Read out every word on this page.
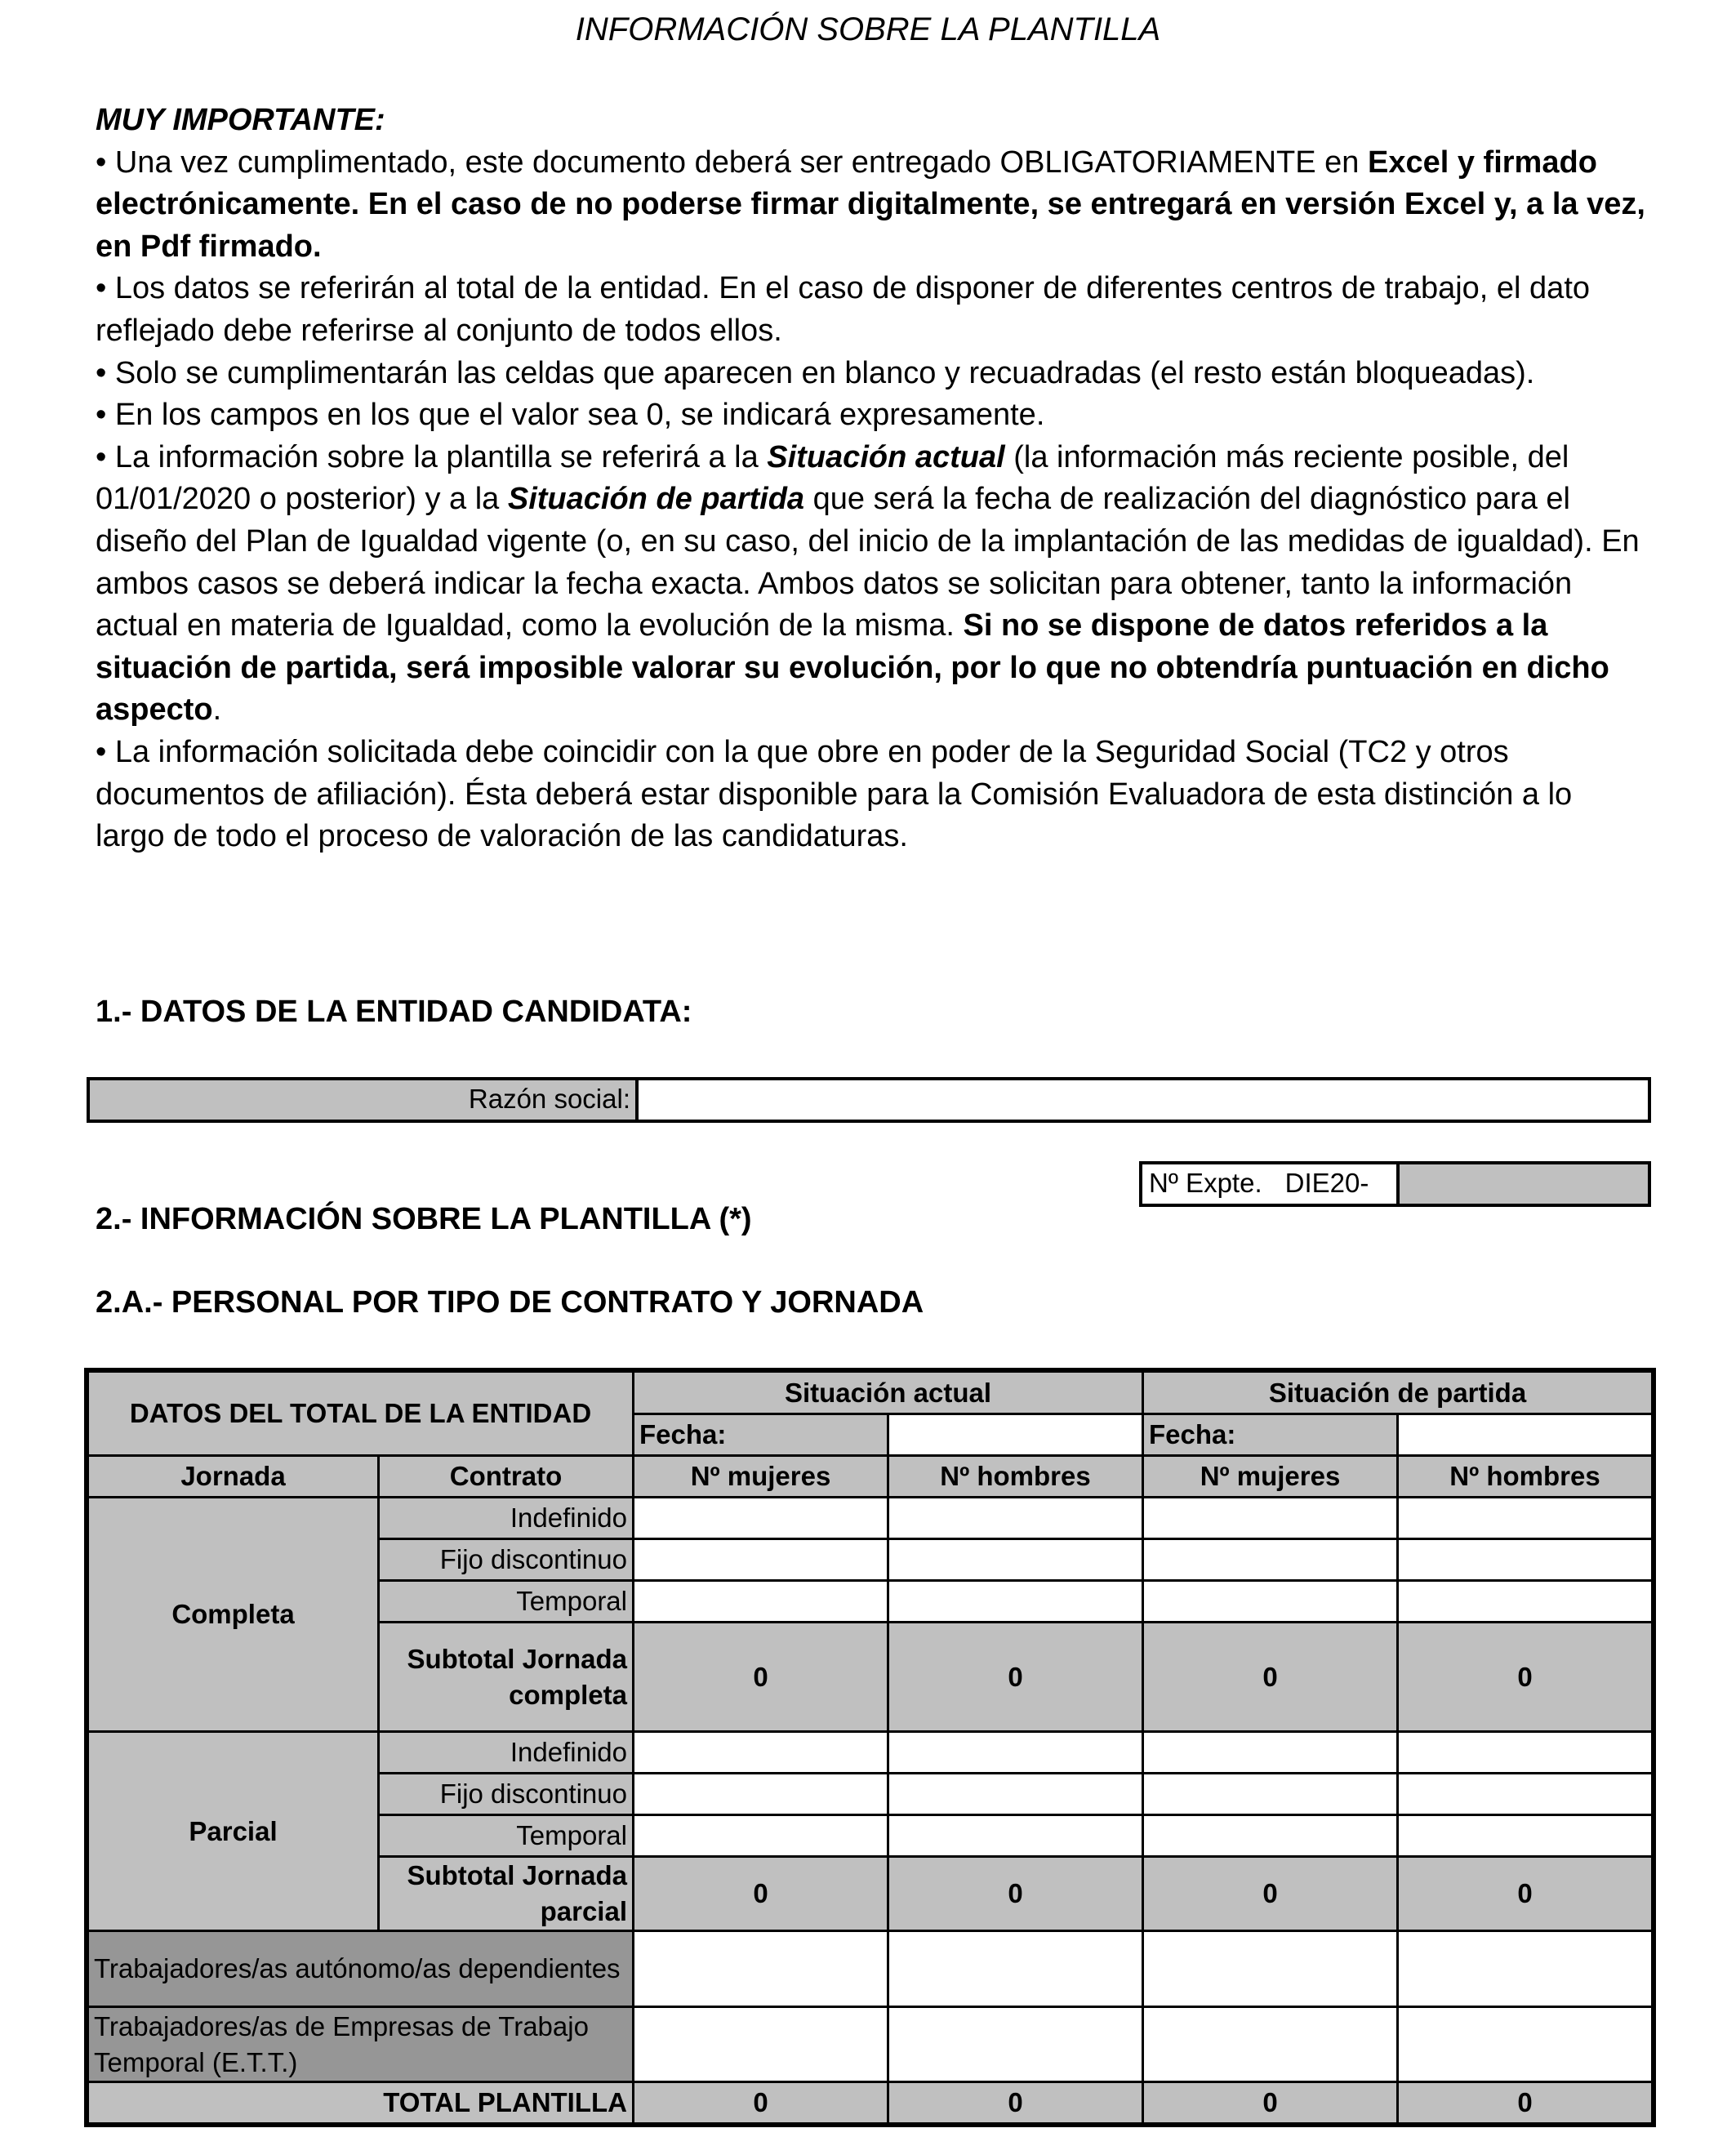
INFORMACIÓN SOBRE LA PLANTILLA

MUY IMPORTANTE:

• Una vez cumplimentado, este documento deberá ser entregado OBLIGATORIAMENTE en Excel y firmado electrónicamente. En el caso de no poderse firmar digitalmente, se entregará en versión Excel y, a la vez, en Pdf firmado.

• Los datos se referirán al total de la entidad. En el caso de disponer de diferentes centros de trabajo, el dato reflejado debe referirse al conjunto de todos ellos.

• Solo se cumplimentarán las celdas que aparecen en blanco y recuadradas (el resto están bloqueadas).

• En los campos en los que el valor sea 0, se indicará expresamente.

• La información sobre la plantilla se referirá a la Situación actual (la información más reciente posible, del 01/01/2020 o posterior) y a la Situación de partida que será la fecha de realización del diagnóstico para el diseño del Plan de Igualdad vigente (o, en su caso, del inicio de la implantación de las medidas de igualdad). En ambos casos se deberá indicar la fecha exacta. Ambos datos se solicitan para obtener, tanto la información actual en materia de Igualdad, como la evolución de la misma. Si no se dispone de datos referidos a la situación de partida, será imposible valorar su evolución, por lo que no obtendría puntuación en dicho aspecto.

• La información solicitada debe coincidir con la que obre en poder de la Seguridad Social (TC2 y otros documentos de afiliación). Ésta deberá estar disponible para la Comisión Evaluadora de esta distinción a lo largo de todo el proceso de valoración de las candidaturas.

1.- DATOS DE LA ENTIDAD CANDIDATA:
Razón social:
Nº Expte. DIE20-
2.- INFORMACIÓN SOBRE LA PLANTILLA (*)
2.A.- PERSONAL POR TIPO DE CONTRATO Y JORNADA
DATOS DEL TOTAL DE LA ENTIDAD		Situación actual		Situación de partida	
		Fecha:		Fecha:	
Jornada	Contrato	Nº mujeres	Nº hombres	Nº mujeres	Nº hombres
Completa	Indefinido				
	Fijo discontinuo				
	Temporal				
	Subtotal Jornada completa	0	0	0	0
Parcial	Indefinido				
	Fijo discontinuo				
	Temporal				
	Subtotal Jornada parcial	0	0	0	0
Trabajadores/as autónomo/as dependientes					
Trabajadores/as de Empresas de Trabajo Temporal (E.T.T.)					
TOTAL PLANTILLA		0	0	0	0
